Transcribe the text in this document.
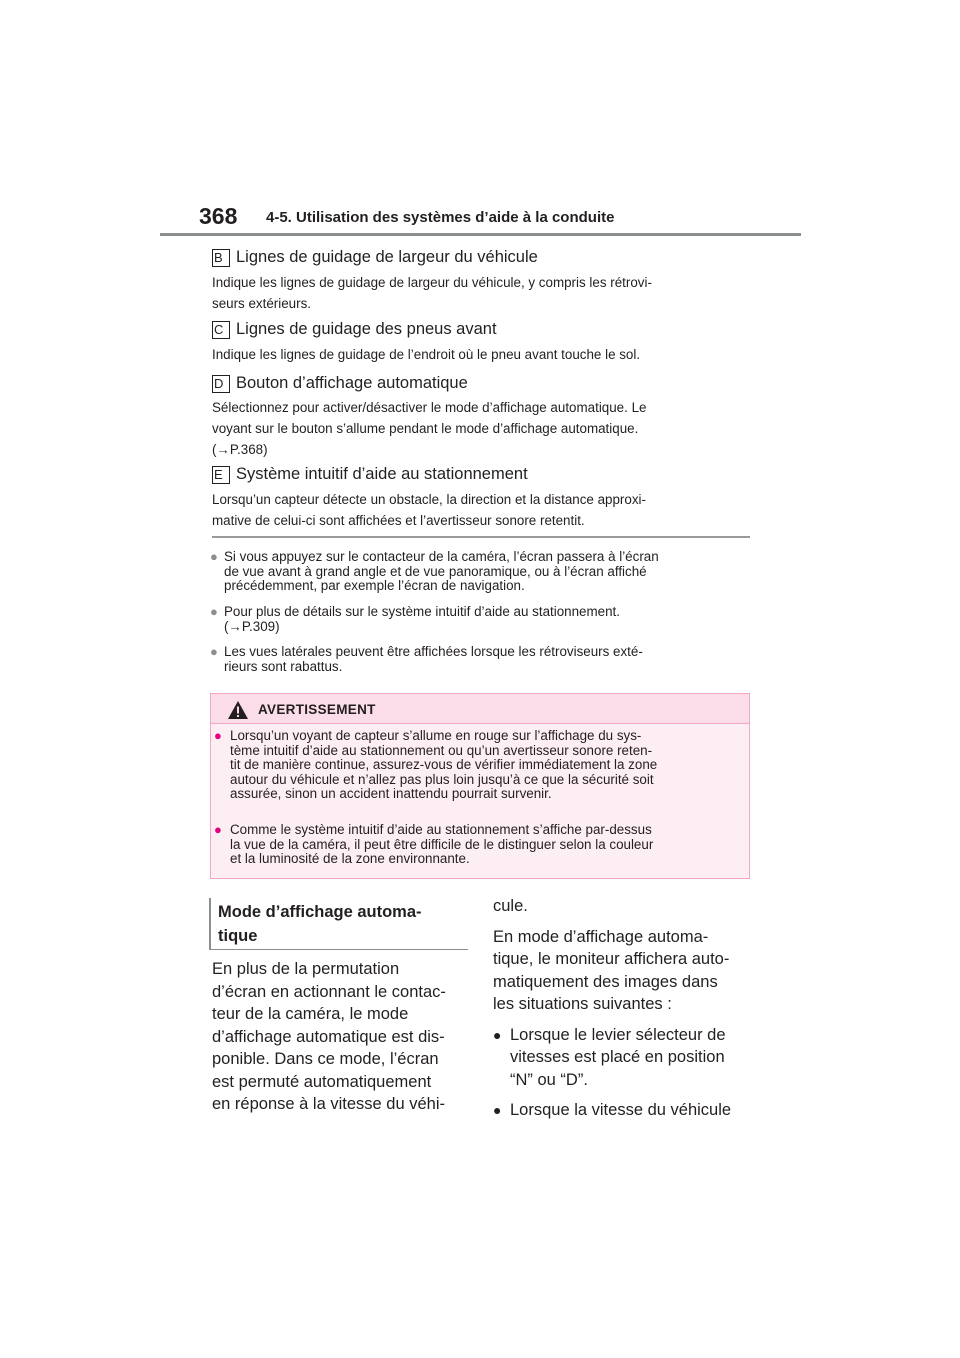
368 4-5. Utilisation des systèmes d’aide à la conduite
B Lignes de guidage de largeur du véhicule
Indique les lignes de guidage de largeur du véhicule, y compris les rétrovi-
seurs extérieurs.
C Lignes de guidage des pneus avant
Indique les lignes de guidage de l’endroit où le pneu avant touche le sol.
D Bouton d’affichage automatique
Sélectionnez pour activer/désactiver le mode d’affichage automatique. Le
voyant sur le bouton s’allume pendant le mode d’affichage automatique.
(→P.368)
E Système intuitif d’aide au stationnement
Lorsqu’un capteur détecte un obstacle, la direction et la distance approxi-
mative de celui-ci sont affichées et l’avertisseur sonore retentit.
● Si vous appuyez sur le contacteur de la caméra, l’écran passera à l’écran
de vue avant à grand angle et de vue panoramique, ou à l’écran affiché
précédemment, par exemple l’écran de navigation.
● Pour plus de détails sur le système intuitif d’aide au stationnement.
(→P.309)
● Les vues latérales peuvent être affichées lorsque les rétroviseurs exté-
rieurs sont rabattus.
AVERTISSEMENT
● Lorsqu’un voyant de capteur s’allume en rouge sur l’affichage du sys-
tème intuitif d’aide au stationnement ou qu’un avertisseur sonore reten-
tit de manière continue, assurez-vous de vérifier immédiatement la zone
autour du véhicule et n’allez pas plus loin jusqu’à ce que la sécurité soit
assurée, sinon un accident inattendu pourrait survenir.
● Comme le système intuitif d’aide au stationnement s’affiche par-dessus
la vue de la caméra, il peut être difficile de le distinguer selon la couleur
et la luminosité de la zone environnante.
Mode d’affichage automa-
tique
En plus de la permutation
d’écran en actionnant le contac-
teur de la caméra, le mode
d’affichage automatique est dis-
ponible. Dans ce mode, l’écran
est permuté automatiquement
en réponse à la vitesse du véhi-

cule.

En mode d’affichage automa-
tique, le moniteur affichera auto-
matiquement des images dans
les situations suivantes :
● Lorsque le levier sélecteur de
vitesses est placé en position
“N” ou “D”.
● Lorsque la vitesse du véhicule
